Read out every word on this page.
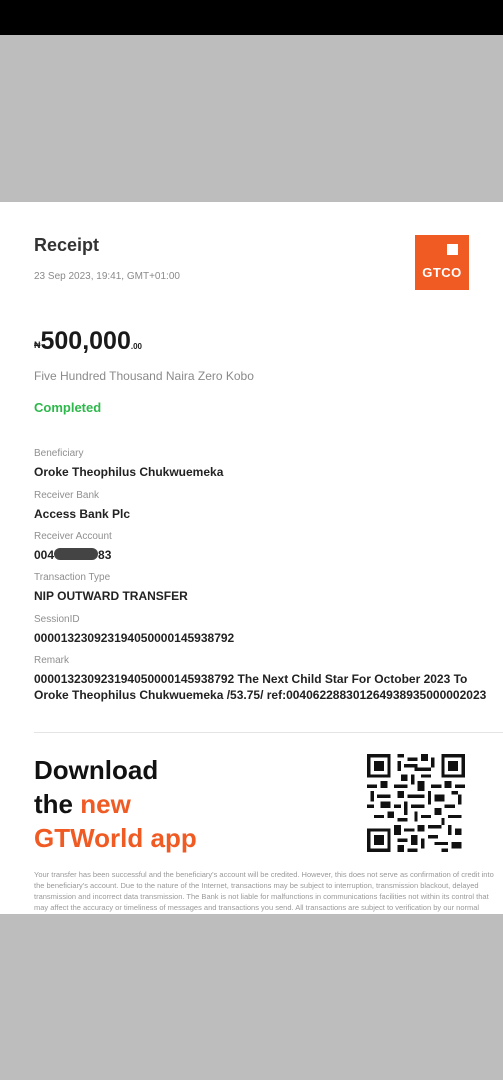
Receipt
23 Sep 2023, 19:41, GMT+01:00	GTCO
₦500,000.00
Five Hundred Thousand Naira Zero Kobo
Completed
Beneficiary
Oroke Theophilus Chukwuemeka
Receiver Bank
Access Bank Plc
Receiver Account
004	83
Transaction Type
NIP OUTWARD TRANSFER
SessionID
000013230923194050000145938792
Remark
000013230923194050000145938792 The Next Child Star For October 2023 To Oroke Theophilus Chukwuemeka /53.75/ ref:004062288301264938935000002023
Download
the new
GTWorld app
Your transfer has been successful and the beneficiary's account will be credited. However, this does not serve as confirmation of credit into the beneficiary's account. Due to the nature of the Internet, transactions may be subject to interruption, transmission blackout, delayed transmission and incorrect data transmission. The Bank is not liable for malfunctions in communications facilities not within its control that may affect the accuracy or timeliness of messages and transactions you send. All transactions are subject to verification by our normal
